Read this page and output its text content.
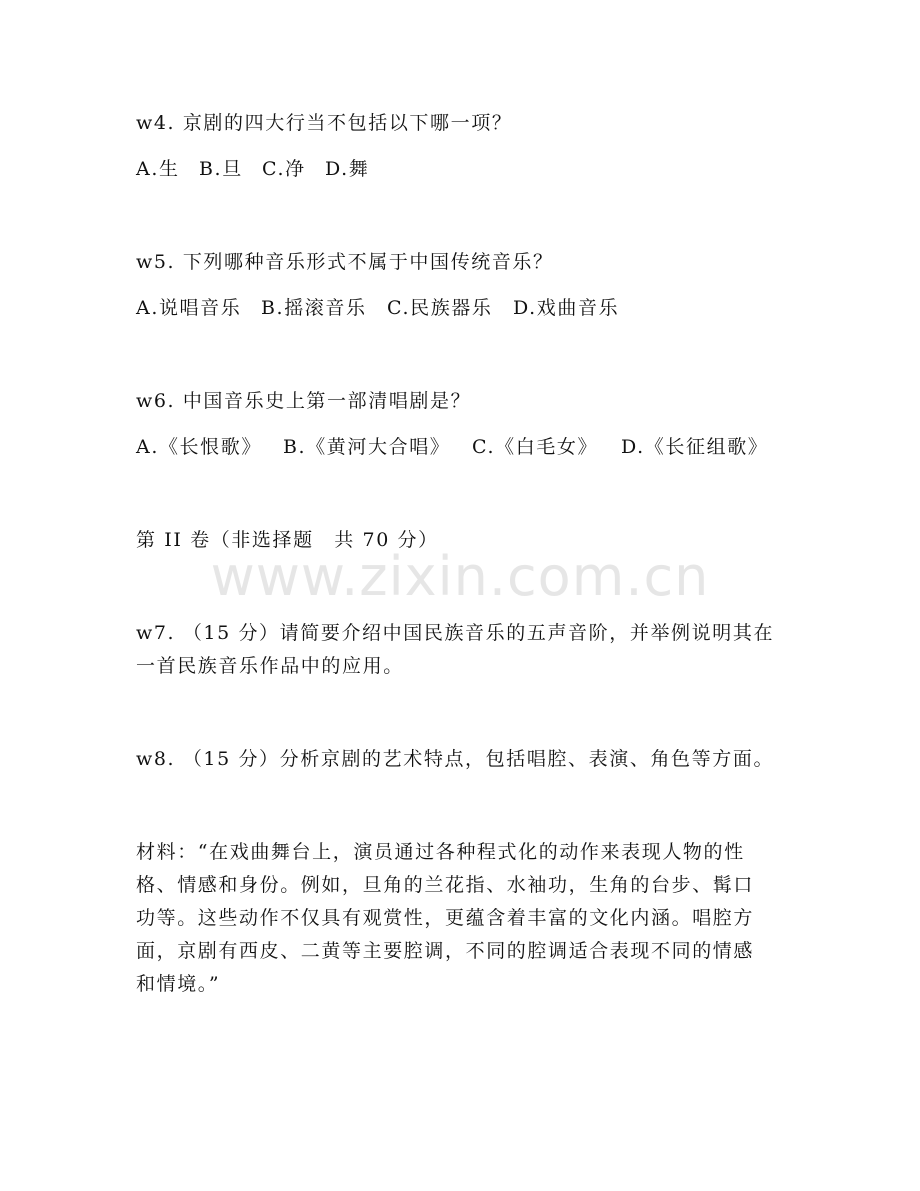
www.zixin.com.cn
w4. 京剧的四大行当不包括以下哪一项？
A.生 B.旦 C.净 D.舞
w5. 下列哪种音乐形式不属于中国传统音乐？
A.说唱音乐 B.摇滚音乐 C.民族器乐 D.戏曲音乐
w6. 中国音乐史上第一部清唱剧是？
A.《长恨歌》 B.《黄河大合唱》 C.《白毛女》 D.《长征组歌》
第 II 卷（非选择题　共 70 分）
w7. （15 分）请简要介绍中国民族音乐的五声音阶，并举例说明其在
一首民族音乐作品中的应用。
w8. （15 分）分析京剧的艺术特点，包括唱腔、表演、角色等方面。
材料：“在戏曲舞台上，演员通过各种程式化的动作来表现人物的性
格、情感和身份。例如，旦角的兰花指、水袖功，生角的台步、髯口
功等。这些动作不仅具有观赏性，更蕴含着丰富的文化内涵。唱腔方
面，京剧有西皮、二黄等主要腔调，不同的腔调适合表现不同的情感
和情境。”
